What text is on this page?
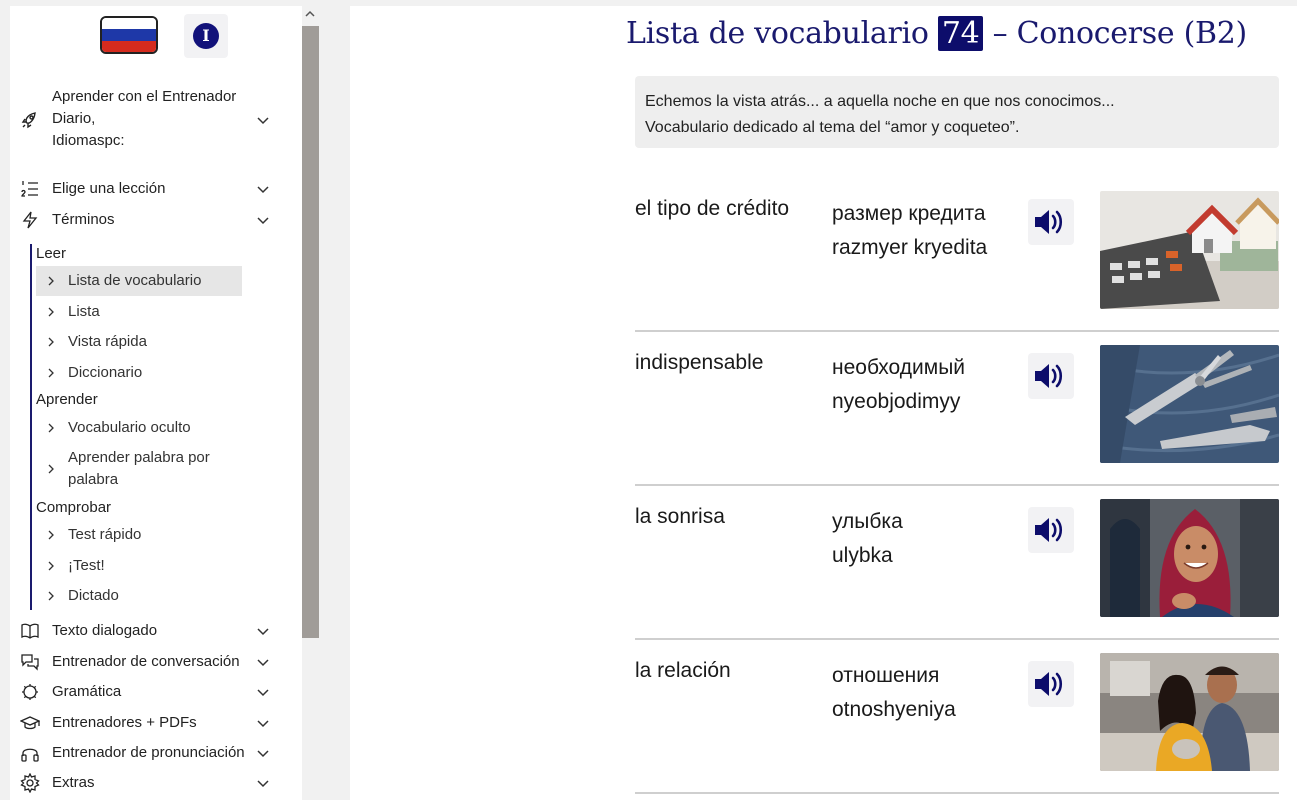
I
Aprender con el Entrenador
Diario,
Idiomaspc:
Elige una lección
Términos
Leer
Lista de vocabulario
Lista
Vista rápida
Diccionario
Aprender
Vocabulario oculto
Aprender palabra por palabra
Comprobar
Test rápido
¡Test!
Dictado
Texto dialogado
Entrenador de conversación
Gramática
Entrenadores + PDFs
Entrenador de pronunciación
Extras
Lista de vocabulario 74 – Conocerse (B2)
Echemos la vista atrás... a aquella noche en que nos conocimos...
Vocabulario dedicado al tema del “amor y coqueteo”.
el tipo de crédito размер кредита
razmyer kryedita
indispensable	необходимый
nyeobjodimyy
la sonrisa	улыбка
ulybka
la relación	отношения
otnoshyeniya
